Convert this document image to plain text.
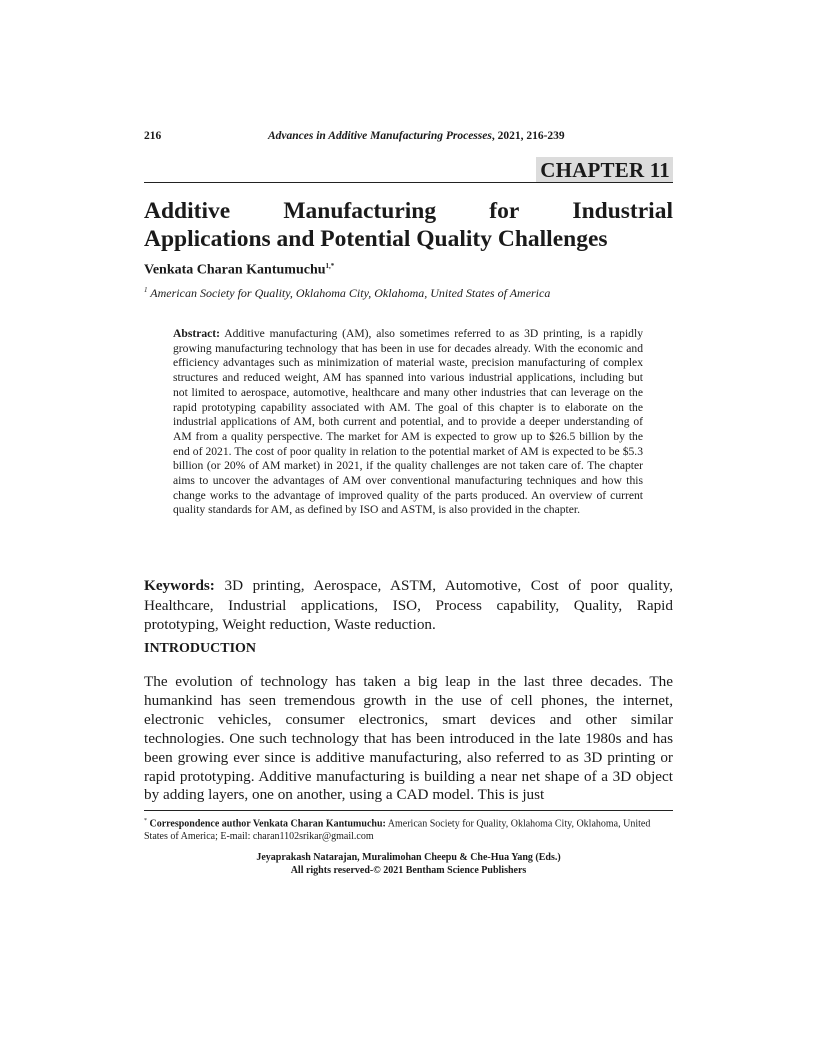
216	Advances in Additive Manufacturing Processes, 2021, 216-239
CHAPTER 11
Additive Manufacturing for Industrial
Applications and Potential Quality Challenges
Venkata Charan Kantumuchu$^{1,*}$
$^1$ American Society for Quality, Oklahoma City, Oklahoma, United States of America
Abstract: Additive manufacturing (AM), also sometimes referred to as 3D printing, is a rapidly growing manufacturing technology that has been in use for decades already. With the economic and efficiency advantages such as minimization of material waste, precision manufacturing of complex structures and reduced weight, AM has spanned into various industrial applications, including but not limited to aerospace, automotive, healthcare and many other industries that can leverage on the rapid prototyping capability associated with AM. The goal of this chapter is to elaborate on the industrial applications of AM, both current and potential, and to provide a deeper understanding of AM from a quality perspective. The market for AM is expected to grow up to $26.5 billion by the end of 2021. The cost of poor quality in relation to the potential market of AM is expected to be $5.3 billion (or 20% of AM market) in 2021, if the quality challenges are not taken care of. The chapter aims to uncover the advantages of AM over conventional manufacturing techniques and how this change works to the advantage of improved quality of the parts produced. An overview of current quality standards for AM, as defined by ISO and ASTM, is also provided in the chapter.
Keywords: 3D printing, Aerospace, ASTM, Automotive, Cost of poor quality, Healthcare, Industrial applications, ISO, Process capability, Quality, Rapid prototyping, Weight reduction, Waste reduction.
INTRODUCTION
The evolution of technology has taken a big leap in the last three decades. The humankind has seen tremendous growth in the use of cell phones, the internet, electronic vehicles, consumer electronics, smart devices and other similar technologies. One such technology that has been introduced in the late 1980s and has been growing ever since is additive manufacturing, also referred to as 3D printing or rapid prototyping. Additive manufacturing is building a near net shape of a 3D object by adding layers, one on another, using a CAD model. This is just
* Correspondence author Venkata Charan Kantumuchu: American Society for Quality, Oklahoma City, Oklahoma, United States of America; E-mail: charan1102srikar@gmail.com
Jeyaprakash Natarajan, Muralimohan Cheepu & Che-Hua Yang (Eds.)
All rights reserved-© 2021 Bentham Science Publishers
